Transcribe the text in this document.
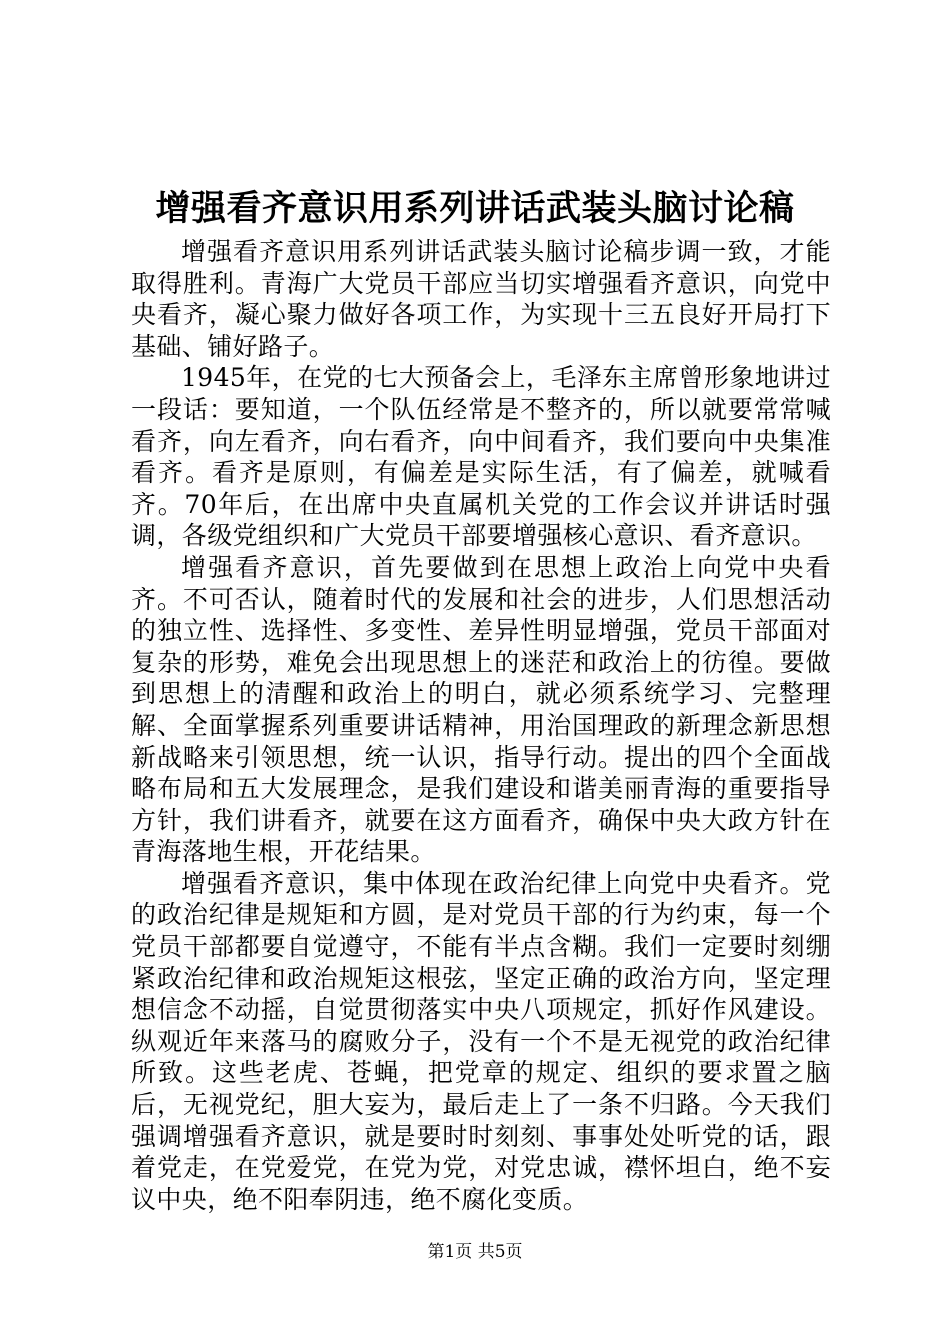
增强看齐意识用系列讲话武装头脑讨论稿

增强看齐意识用系列讲话武装头脑讨论稿步调一致，才能取得胜利。青海广大党员干部应当切实增强看齐意识，向党中央看齐，凝心聚力做好各项工作，为实现十三五良好开局打下基础、铺好路子。

1945年，在党的七大预备会上，毛泽东主席曾形象地讲过一段话：要知道，一个队伍经常是不整齐的，所以就要常常喊看齐，向左看齐，向右看齐，向中间看齐，我们要向中央集准看齐。看齐是原则，有偏差是实际生活，有了偏差，就喊看齐。70年后，在出席中央直属机关党的工作会议并讲话时强调，各级党组织和广大党员干部要增强核心意识、看齐意识。

增强看齐意识，首先要做到在思想上政治上向党中央看齐。不可否认，随着时代的发展和社会的进步，人们思想活动的独立性、选择性、多变性、差异性明显增强，党员干部面对复杂的形势，难免会出现思想上的迷茫和政治上的彷徨。要做到思想上的清醒和政治上的明白，就必须系统学习、完整理解、全面掌握系列重要讲话精神，用治国理政的新理念新思想新战略来引领思想，统一认识，指导行动。提出的四个全面战略布局和五大发展理念，是我们建设和谐美丽青海的重要指导方针，我们讲看齐，就要在这方面看齐，确保中央大政方针在青海落地生根，开花结果。

增强看齐意识，集中体现在政治纪律上向党中央看齐。党的政治纪律是规矩和方圆，是对党员干部的行为约束，每一个党员干部都要自觉遵守，不能有半点含糊。我们一定要时刻绷紧政治纪律和政治规矩这根弦，坚定正确的政治方向，坚定理想信念不动摇，自觉贯彻落实中央八项规定，抓好作风建设。纵观近年来落马的腐败分子，没有一个不是无视党的政治纪律所致。这些老虎、苍蝇，把党章的规定、组织的要求置之脑后，无视党纪，胆大妄为，最后走上了一条不归路。今天我们强调增强看齐意识，就是要时时刻刻、事事处处听党的话，跟着党走，在党爱党，在党为党，对党忠诚，襟怀坦白，绝不妄议中央，绝不阳奉阴违，绝不腐化变质。

第1页 共5页
